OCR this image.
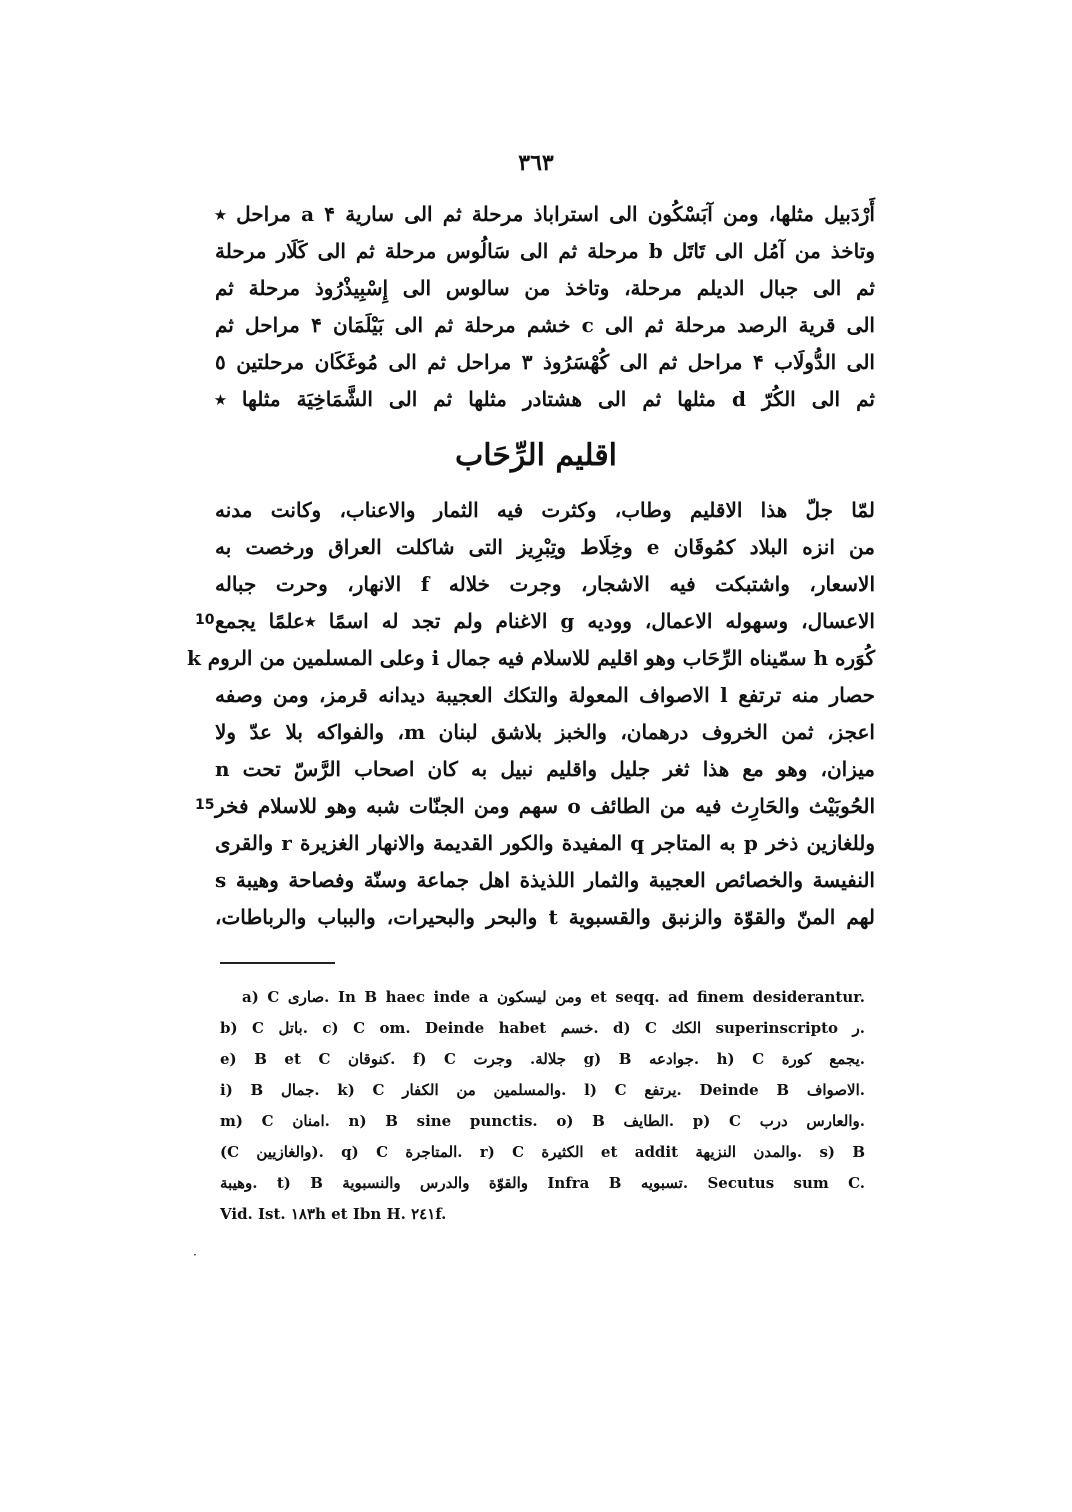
٣٦٣
أَرْدَبيل مثلها، ومن آبَسْكُون الى استراباذ مرحلة ثم الى سارية a ۴ مراحل ٭
وتاخذ من آمُل الى تَاتَل b مرحلة ثم الى سَالُوس مرحلة ثم الى كَلَار مرحلة
ثم الى جبال الديلم مرحلة، وتاخذ من سالوس الى إِسْبِيذْرُوذ مرحلة ثم
الى قرية الرصد مرحلة ثم الى c خشم مرحلة ثم الى بَيْلَمَان ۴ مراحل ثم
الى الدُّولَاب ۴ مراحل ثم الى كُهْسَرُوذ ۳ مراحل ثم الى مُوغَكَان مرحلتين ٥
ثم الى الكُرّ d مثلها ثم الى هشتادر مثلها ثم الى الشَّمَاخِيَة مثلها ٭
اقليم الرِّحَاب
لمّا جلّ هذا الاقليم وطاب، وكثرت فيه الثمار والاعناب، وكانت مدنه
من انزه البلاد كمُوقَان e وخِلَاط وتِبْرِيز التى شاكلت العراق ورخصت به
الاسعار، واشتبكت فيه الاشجار، وجرت خلاله f الانهار، وحرت جباله
الاعسال، وسهوله الاعمال، ووديه g الاغنام ولم تجد له اسمًا ٭علمًا يجمع
كُوَره h سمّيناه الرِّحَاب وهو اقليم للاسلام فيه جمال i وعلى المسلمين من الروم k
حصار منه ترتفع l الاصواف المعولة والتكك العجيبة ديدانه قرمز، ومن وصفه
اعجز، ثمن الخروف درهمان، والخبز بلاشق لبنان m، والفواكه بلا عدّ ولا
ميزان، وهو مع هذا ثغر جليل واقليم نبيل به كان اصحاب الرَّسّ تحت n
الحُوبَيْث والحَارِث فيه من الطائف o سهم ومن الجنّات شبه وهو للاسلام فخر
وللغازين ذخر p به المتاجر q المفيدة والكور القديمة والانهار الغزيرة r والقرى
النفيسة والخصائص العجيبة والثمار اللذيذة اهل جماعة وسنّة وفصاحة وهيبة s
لهم المنّ والقوّة والزنبق والقسبوية t والبحر والبحيرات، والبباب والرباطات،
a) C صارى. In B haec inde a ومن ليسكون et seqq. ad finem desiderantur.
b) C باتل. c) C om. Deinde habet خسم. d) C الكك superinscripto ر.
e) B et C كنوقان. f) C جلالة. وجرت g) B جوادعه. h) C يجمع كورة.
i) B جمال. k) C والمسلمين من الكفار. l) C يرتفع. Deinde B الاصواف.
m) C امنان. n) B sine punctis. o) B الطايف. p) C والعارس درب.
(C والغازيين). q) C المتاجرة. r) C الكثيرة et addit والمدن النزيهة. s) B
وهيبة. t) B والقوّة والدرس والنسبوية Infra B تسبويه. Secutus sum C.
Vid. Ist. ١٨٣h et Ibn H. ٢٤١f.
·
10
15
